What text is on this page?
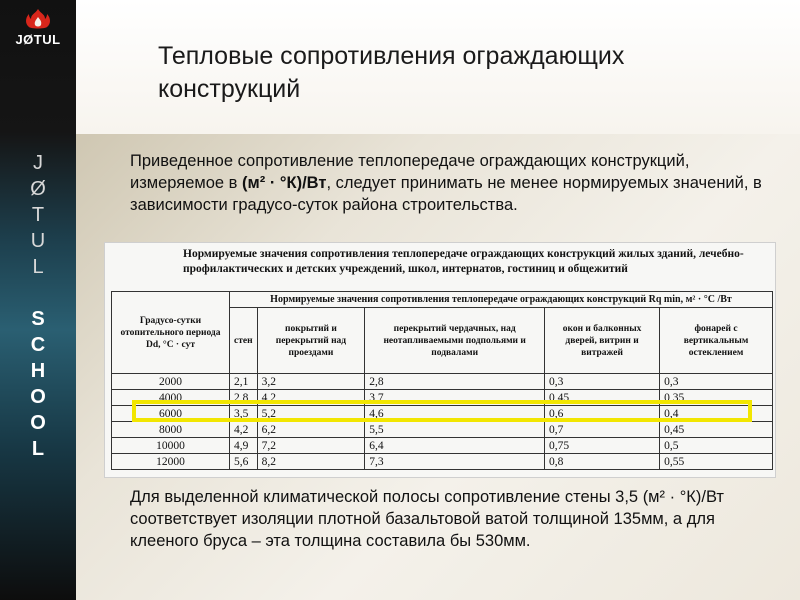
JØTUL
J
Ø
T
U
L
S
C
H
O
O
L
Тепловые сопротивления ограждающих конструкций

Приведенное сопротивление теплопередаче ограждающих конструкций, измеряемое в (м² · °К)/Вт, следует принимать не менее нормируемых значений, в зависимости градусо-суток района строительства.

Нормируемые значения сопротивления теплопередаче ограждающих конструкций жилых зданий, лечебно-профилактических и детских учреждений, школ, интернатов, гостиниц и общежитий
Градусо-сутки отопительного периода Dd, °С · сут	Нормируемые значения сопротивления теплопередаче ограждающих конструкций Rq min, м² · °С /Вт				
	стен	покрытий и перекрытий над проездами	перекрытий чердачных, над неотапливаемыми подпольями и подвалами	окон и балконных дверей, витрин и витражей	фонарей с вертикальным остеклением
2000	2,1	3,2	2,8	0,3	0,3
4000	2,8	4,2	3,7	0,45	0,35
6000	3,5	5,2	4,6	0,6	0,4
8000	4,2	6,2	5,5	0,7	0,45
10000	4,9	7,2	6,4	0,75	0,5
12000	5,6	8,2	7,3	0,8	0,55

Для выделенной климатической полосы сопротивление стены 3,5 (м² · °К)/Вт соответствует изоляции плотной базальтовой ватой толщиной 135мм, а для клееного бруса – эта толщина составила бы 530мм.
